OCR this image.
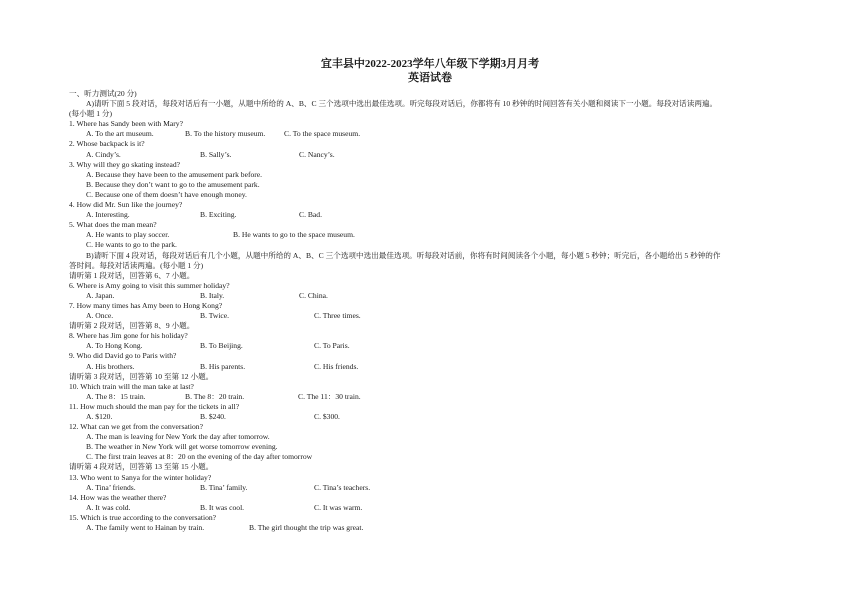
宜丰县中2022-2023学年八年级下学期3月月考
英语试卷
一、听力测试(20 分)
A)请听下面 5 段对话，每段对话后有一小题，从题中所给的 A、B、C 三个选项中选出最佳选项。听完每段对话后，你都将有 10 秒钟的时间回答有关小题和阅读下一小题。每段对话读两遍。
(每小题 1 分)
1. Where has Sandy been with Mary?
A. To the art museum.	B. To the history museum. C. To the space museum.
2. Whose backpack is it?
A. Cindy’s.	B. Sally’s.	C. Nancy’s.
3. Why will they go skating instead?
A. Because they have been to the amusement park before.
B. Because they don’t want to go to the amusement park.
C. Because one of them doesn’t have enough money.
4. How did Mr. Sun like the journey?
A. Interesting.	B. Exciting.	C. Bad.
5. What does the man mean?
A. He wants to play soccer.	B. He wants to go to the space museum.
C. He wants to go to the park.
B)请听下面 4 段对话，每段对话后有几个小题，从题中所给的 A、B、C 三个选项中选出最佳选项。听每段对话前，你将有时间阅读各个小题，每小题 5 秒钟；听完后，各小题给出 5 秒钟的作
答时间。每段对话读两遍。(每小题 1 分)
请听第 1 段对话，回答第 6、7 小题。
6. Where is Amy going to visit this summer holiday?
A. Japan.	B. Italy.	C. China.
7. How many times has Amy been to Hong Kong?
A. Once.	B. Twice.	C. Three times.
请听第 2 段对话，回答第 8、9 小题。
8. Where has Jim gone for his holiday?
A. To Hong Kong.	B. To Beijing.	C. To Paris.
9. Who did David go to Paris with?
A. His brothers.	B. His parents.	C. His friends.
请听第 3 段对话，回答第 10 至第 12 小题。
10. Which train will the man take at last?
A. The 8：15 train.	B. The 8：20 train.	C. The 11：30 train.
11. How much should the man pay for the tickets in all?
A. $120.	B. $240.	C. $300.
12. What can we get from the conversation?
A. The man is leaving for New York the day after tomorrow.
B. The weather in New York will get worse tomorrow evening.
C. The first train leaves at 8：20 on the evening of the day after tomorrow
请听第 4 段对话，回答第 13 至第 15 小题。
13. Who went to Sanya for the winter holiday?
A. Tina’ friends.	B. Tina’ family.	C. Tina’s teachers.
14. How was the weather there?
A. It was cold.	B. It was cool.	C. It was warm.
15. Which is true according to the conversation?
A. The family went to Hainan by train.	B. The girl thought the trip was great.
